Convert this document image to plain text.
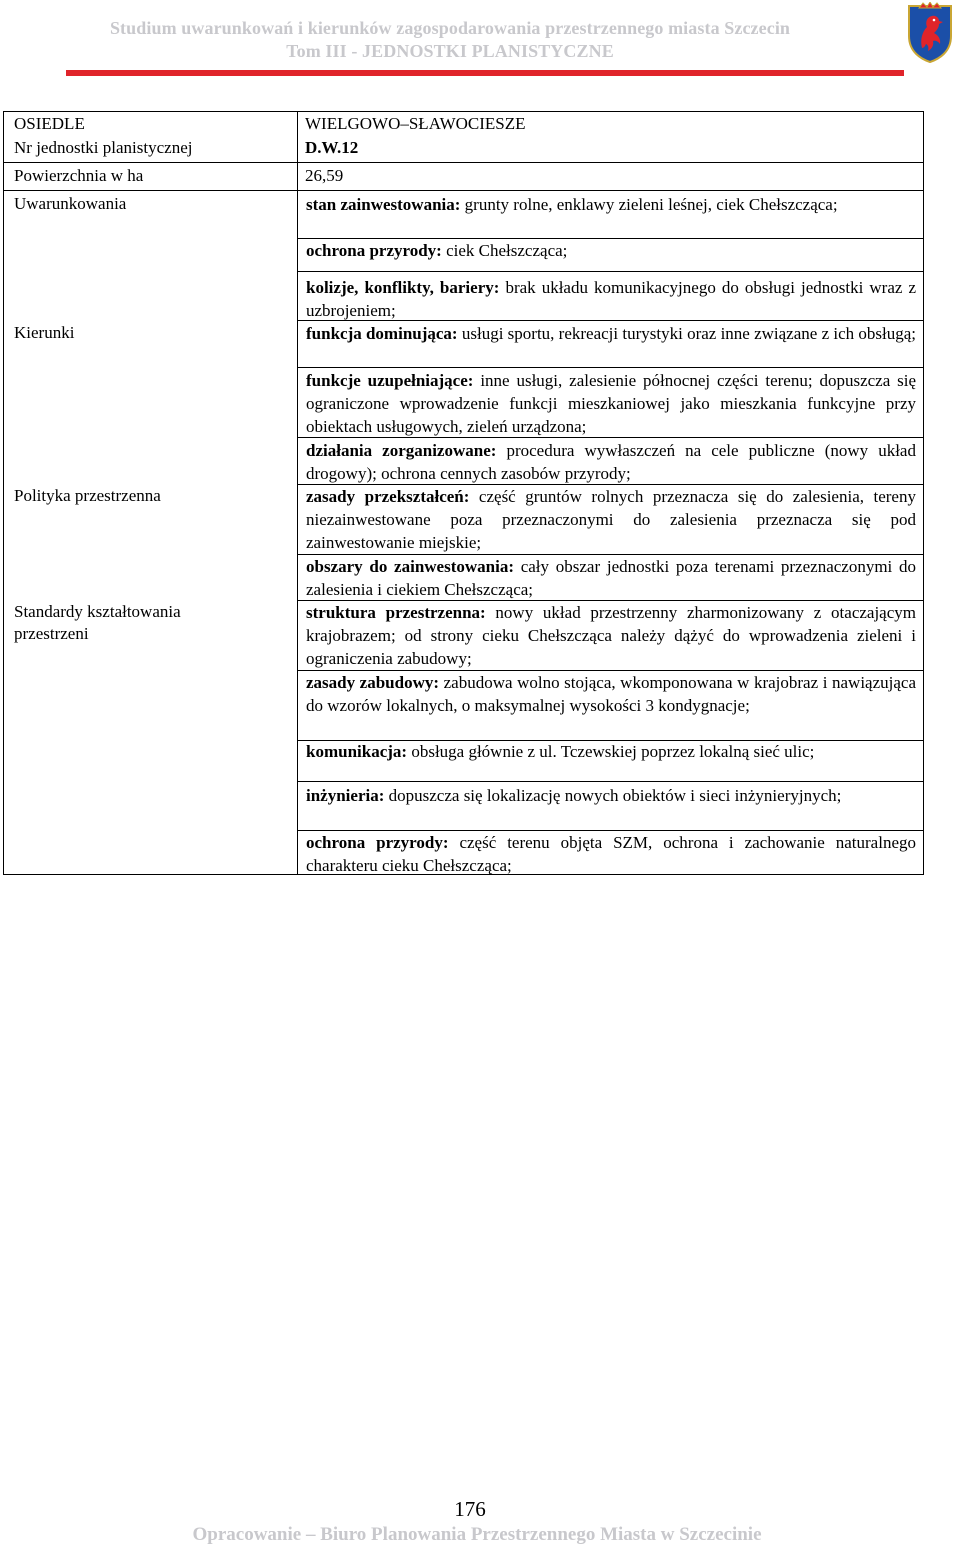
Studium uwarunkowań i kierunków zagospodarowania przestrzennego miasta Szczecin
Tom III - JEDNOSTKI PLANISTYCZNE
OSIEDLE
Nr jednostki planistycznej
Powierzchnia w ha
Uwarunkowania
Kierunki
Polityka przestrzenna
Standardy kształtowania przestrzeni
WIELGOWO–SŁAWOCIESZE
D.W.12
26,59
stan zainwestowania: grunty rolne, enklawy zieleni leśnej, ciek Chełszcząca;
ochrona przyrody: ciek Chełszcząca;
kolizje, konflikty, bariery: brak układu komunikacyjnego do obsługi jednostki wraz z uzbrojeniem;
funkcja dominująca: usługi sportu, rekreacji turystyki oraz inne związane z ich obsługą;
funkcje uzupełniające: inne usługi, zalesienie północnej części terenu; dopuszcza się ograniczone wprowadzenie funkcji mieszkaniowej jako mieszkania funkcyjne przy obiektach usługowych, zieleń urządzona;
działania zorganizowane: procedura wywłaszczeń na cele publiczne (nowy układ drogowy); ochrona cennych zasobów przyrody;
zasady przekształceń: część gruntów rolnych przeznacza się do zalesienia, tereny niezainwestowane poza przeznaczonymi do zalesienia przeznacza się pod zainwestowanie miejskie;
obszary do zainwestowania: cały obszar jednostki poza terenami przeznaczonymi do zalesienia i ciekiem Chełszcząca;
struktura przestrzenna: nowy układ przestrzenny zharmonizowany z otaczającym krajobrazem; od strony cieku Chełszcząca należy dążyć do wprowadzenia zieleni i ograniczenia zabudowy;
zasady zabudowy: zabudowa wolno stojąca, wkomponowana w krajobraz i nawiązująca do wzorów lokalnych, o maksymalnej wysokości 3 kondygnacje;
komunikacja: obsługa głównie z ul. Tczewskiej poprzez lokalną sieć ulic;
inżynieria: dopuszcza się lokalizację nowych obiektów i sieci inżynieryjnych;
ochrona przyrody: część terenu objęta SZM, ochrona i zachowanie naturalnego charakteru cieku Chełszcząca;
176
Opracowanie – Biuro Planowania Przestrzennego Miasta w Szczecinie
